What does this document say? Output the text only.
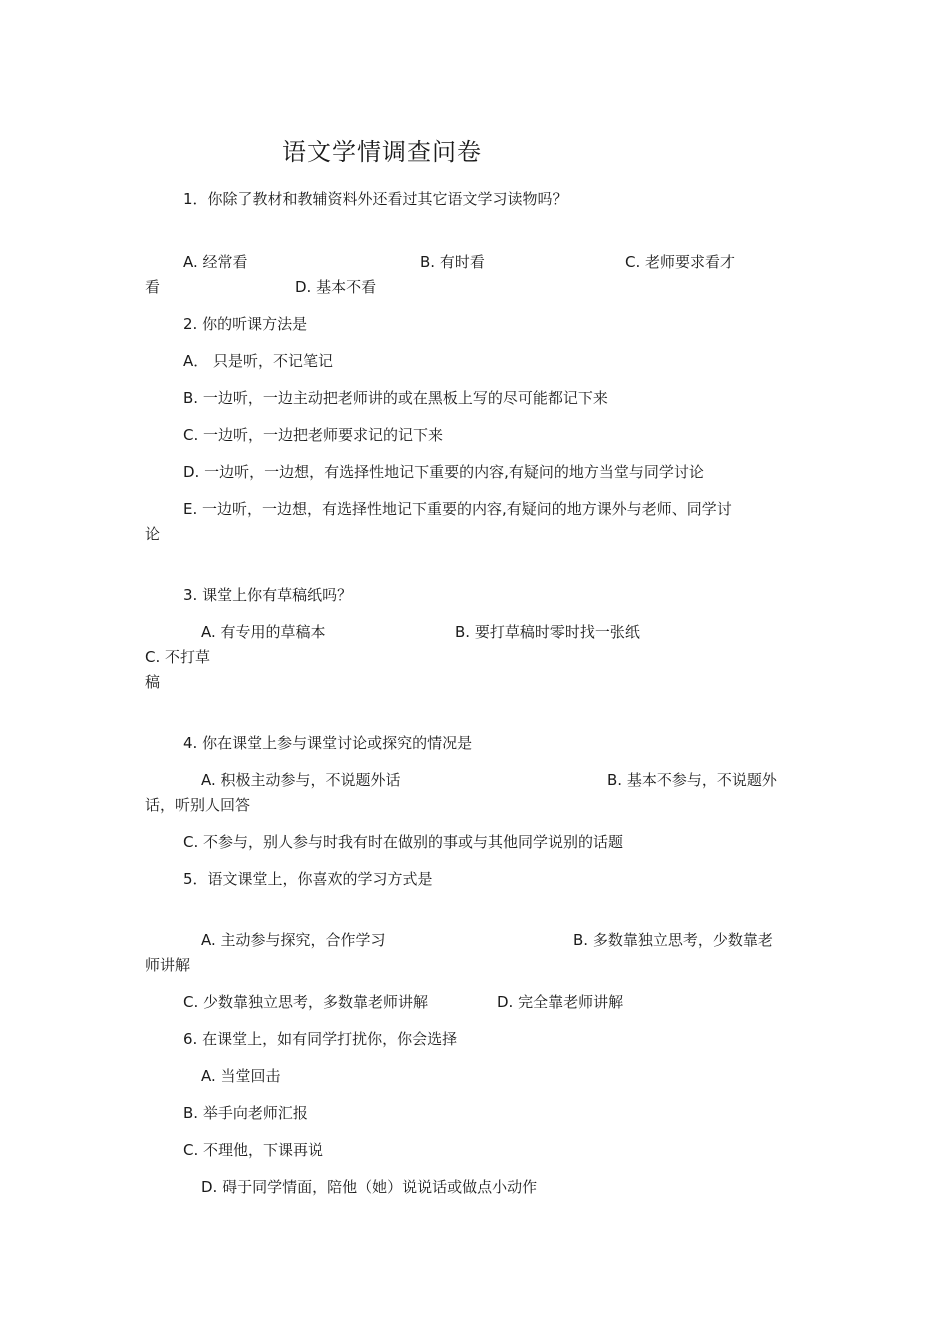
语文学情调查问卷
1．你除了教材和教辅资料外还看过其它语文学习读物吗？
A. 经常看	B. 有时看	C. 老师要求看才
看	D. 基本不看
2. 你的听课方法是
A． 只是听，不记笔记
B. 一边听，一边主动把老师讲的或在黑板上写的尽可能都记下来
C. 一边听，一边把老师要求记的记下来
D. 一边听，一边想，有选择性地记下重要的内容,有疑问的地方当堂与同学讨论
E. 一边听，一边想，有选择性地记下重要的内容,有疑问的地方课外与老师、同学讨
论
3. 课堂上你有草稿纸吗？
A. 有专用的草稿本	B. 要打草稿时零时找一张纸
C. 不打草
稿
4. 你在课堂上参与课堂讨论或探究的情况是
A. 积极主动参与，不说题外话	B. 基本不参与，不说题外
话，听别人回答
C. 不参与，别人参与时我有时在做别的事或与其他同学说别的话题
5．语文课堂上，你喜欢的学习方式是
A. 主动参与探究，合作学习	B. 多数靠独立思考，少数靠老
师讲解
C. 少数靠独立思考，多数靠老师讲解	D. 完全靠老师讲解
6. 在课堂上，如有同学打扰你，你会选择
A. 当堂回击
B. 举手向老师汇报
C. 不理他，下课再说
D. 碍于同学情面，陪他（她）说说话或做点小动作
